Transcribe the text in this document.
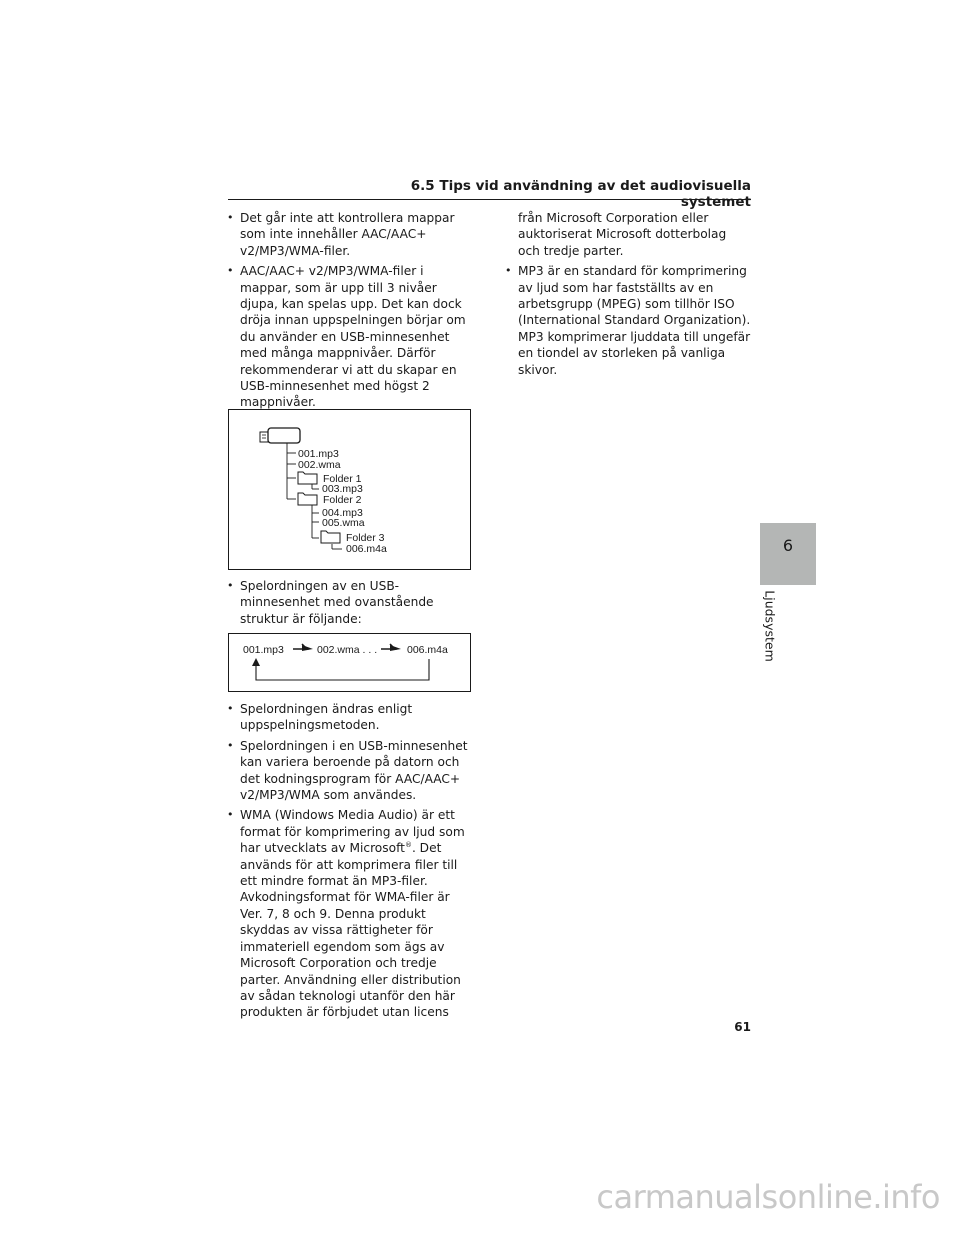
6.5 Tips vid användning av det audiovisuella systemet
• Det går inte att kontrollera mappar som inte innehåller AAC/AAC+ v2/MP3/WMA-filer.
• AAC/AAC+ v2/MP3/WMA-filer i mappar, som är upp till 3 nivåer djupa, kan spelas upp. Det kan dock dröja innan uppspelningen börjar om du använder en USB-minnesenhet med många mappnivåer. Därför rekommenderar vi att du skapar en USB-minnesenhet med högst 2 mappnivåer.
001.mp3
002.wma
Folder 1
003.mp3
Folder 2
004.mp3
005.wma
Folder 3
006.m4a
• Spelordningen av en USB-minnesenhet med ovanstående struktur är följande:
001.mp3	002.wma . . .	006.m4a
• Spelordningen ändras enligt uppspelningsmetoden.
• Spelordningen i en USB-minnesenhet kan variera beroende på datorn och det kodningsprogram för AAC/AAC+ v2/MP3/WMA som användes.
• WMA (Windows Media Audio) är ett format för komprimering av ljud som har utvecklats av Microsoft®. Det används för att komprimera filer till ett mindre format än MP3-filer. Avkodningsformat för WMA-filer är Ver. 7, 8 och 9. Denna produkt skyddas av vissa rättigheter för immateriell egendom som ägs av Microsoft Corporation och tredje parter. Användning eller distribution av sådan teknologi utanför den här produkten är förbjudet utan licens

från Microsoft Corporation eller auktoriserat Microsoft dotterbolag och tredje parter.

• MP3 är en standard för komprimering av ljud som har fastställts av en arbetsgrupp (MPEG) som tillhör ISO (International Standard Organization). MP3 komprimerar ljuddata till ungefär en tiondel av storleken på vanliga skivor.
6
Ljudsystem
61
carmanualsonline.info
